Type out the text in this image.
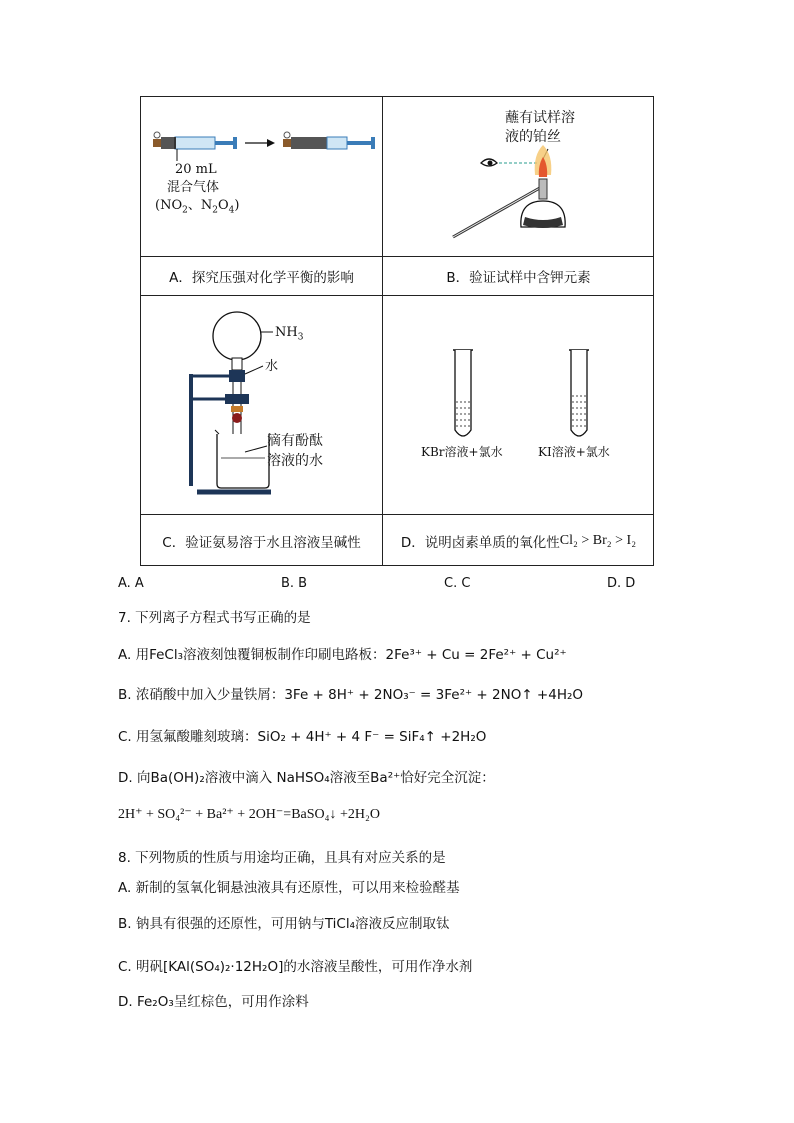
20 mL
混合气体
($NO_2$、$N_2O_4$)
A．探究压强对化学平衡的影响
蘸有试样溶
液的铂丝
B．验证试样中含钾元素
$NH_3$
水
滴有酚酞
溶液的水
C．验证氨易溶于水且溶液呈碱性
KBr溶液+氯水	KI溶液+氯水
D．说明卤素单质的氧化性 Cl₂ > Br₂ > I₂
A. A	B. B	C. C	D. D
7. 下列离子方程式书写正确的是
A. 用FeCl₃溶液刻蚀覆铜板制作印刷电路板：2Fe³⁺ + Cu = 2Fe²⁺ + Cu²⁺
B. 浓硝酸中加入少量铁屑：3Fe + 8H⁺ + 2NO₃⁻ = 3Fe²⁺ + 2NO↑ +4H₂O
C. 用氢氟酸雕刻玻璃：SiO₂ + 4H⁺ + 4 F⁻ = SiF₄↑ +2H₂O
D. 向Ba(OH)₂溶液中滴入 NaHSO₄溶液至Ba²⁺恰好完全沉淀：
2H⁺ + SO₄²⁻ + Ba²⁺ + 2OH⁻=BaSO₄↓ +2H₂O
8. 下列物质的性质与用途均正确，且具有对应关系的是
A. 新制的氢氧化铜悬浊液具有还原性，可以用来检验醛基
B. 钠具有很强的还原性，可用钠与TiCl₄溶液反应制取钛
C. 明矾[KAl(SO₄)₂·12H₂O]的水溶液呈酸性，可用作净水剂
D. Fe₂O₃呈红棕色，可用作涂料
